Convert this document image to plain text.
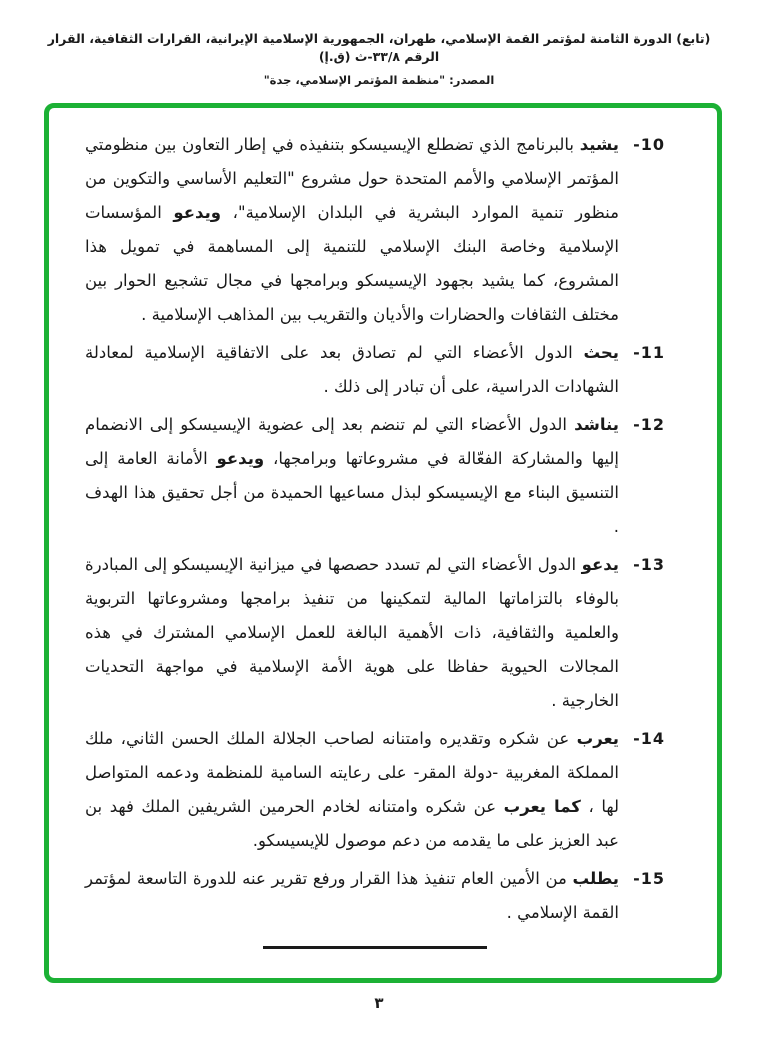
(تابع) الدورة الثامنة لمؤتمر القمة الإسلامي، طهران، الجمهورية الإسلامية الإيرانية، القرارات الثقافية، القرار الرقم ٣٣/٨-ث (ق.إ)
المصدر: "منظمة المؤتمر الإسلامي، جدة"
-10

يشيد بالبرنامج الذي تضطلع الإيسيسكو بتنفيذه في إطار التعاون بين منظومتي المؤتمر الإسلامي والأمم المتحدة حول مشروع "التعليم الأساسي والتكوين من منظور تنمية الموارد البشرية في البلدان الإسلامية"، ويدعو المؤسسات الإسلامية وخاصة البنك الإسلامي للتنمية إلى المساهمة في تمويل هذا المشروع، كما يشيد بجهود الإيسيسكو وبرامجها في مجال تشجيع الحوار بين مختلف الثقافات والحضارات والأديان والتقريب بين المذاهب الإسلامية .

-11

يحث الدول الأعضاء التي لم تصادق بعد على الاتفاقية الإسلامية لمعادلة الشهادات الدراسية، على أن تبادر إلى ذلك .

-12

يناشد الدول الأعضاء التي لم تنضم بعد إلى عضوية الإيسيسكو إلى الانضمام إليها والمشاركة الفعّالة في مشروعاتها وبرامجها، ويدعو الأمانة العامة إلى التنسيق البناء مع الإيسيسكو لبذل مساعيها الحميدة من أجل تحقيق هذا الهدف .

-13

يدعو الدول الأعضاء التي لم تسدد حصصها في ميزانية الإيسيسكو إلى المبادرة بالوفاء بالتزاماتها المالية لتمكينها من تنفيذ برامجها ومشروعاتها التربوية والعلمية والثقافية، ذات الأهمية البالغة للعمل الإسلامي المشترك في هذه المجالات الحيوية حفاظا على هوية الأمة الإسلامية في مواجهة التحديات الخارجية .

-14

يعرب عن شكره وتقديره وامتنانه لصاحب الجلالة الملك الحسن الثاني، ملك المملكة المغربية -دولة المقر- على رعايته السامية للمنظمة ودعمه المتواصل لها ، كما يعرب عن شكره وامتنانه لخادم الحرمين الشريفين الملك فهد بن عبد العزيز على ما يقدمه من دعم موصول للإيسيسكو.

-15

يطلب من الأمين العام تنفيذ هذا القرار ورفع تقرير عنه للدورة التاسعة لمؤتمر القمة الإسلامي .

٣
